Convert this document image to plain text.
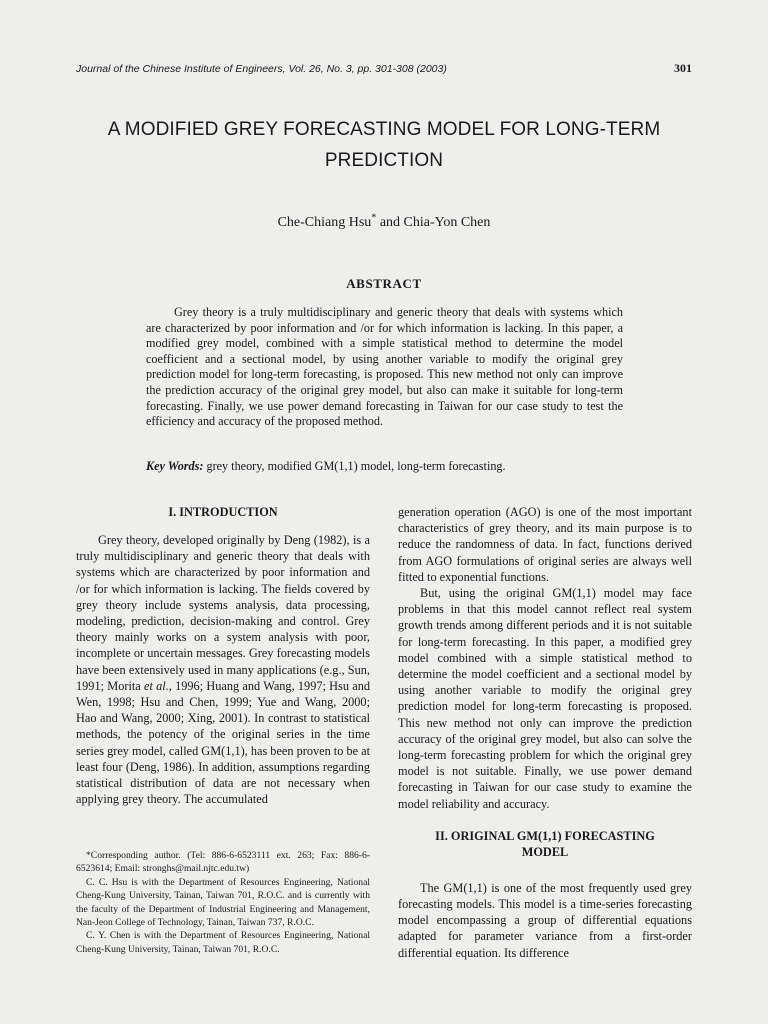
Journal of the Chinese Institute of Engineers, Vol. 26, No. 3, pp. 301-308 (2003)	301
A MODIFIED GREY FORECASTING MODEL FOR LONG-TERM
PREDICTION
Che-Chiang Hsu* and Chia-Yon Chen
ABSTRACT

Grey theory is a truly multidisciplinary and generic theory that deals with systems which are characterized by poor information and /or for which information is lacking. In this paper, a modified grey model, combined with a simple statistical method to determine the model coefficient and a sectional model, by using another variable to modify the original grey prediction model for long-term forecasting, is proposed. This new method not only can improve the prediction accuracy of the original grey model, but also can make it suitable for long-term forecasting. Finally, we use power demand forecasting in Taiwan for our case study to test the efficiency and accuracy of the proposed method.

Key Words: grey theory, modified GM(1,1) model, long-term forecasting.
I. INTRODUCTION

Grey theory, developed originally by Deng (1982), is a truly multidisciplinary and generic theory that deals with systems which are characterized by poor information and /or for which information is lacking. The fields covered by grey theory include systems analysis, data processing, modeling, prediction, decision-making and control. Grey theory mainly works on a system analysis with poor, incomplete or uncertain messages. Grey forecasting models have been extensively used in many applications (e.g., Sun, 1991; Morita et al., 1996; Huang and Wang, 1997; Hsu and Wen, 1998; Hsu and Chen, 1999; Yue and Wang, 2000; Hao and Wang, 2000; Xing, 2001). In contrast to statistical methods, the potency of the original series in the time series grey model, called GM(1,1), has been proven to be at least four (Deng, 1986). In addition, assumptions regarding statistical distribution of data are not necessary when applying grey theory. The accumulated

*Corresponding author. (Tel: 886-6-6523111 ext. 263; Fax: 886-6-6523614; Email: stronghs@mail.njtc.edu.tw)

C. C. Hsu is with the Department of Resources Engineering, National Cheng-Kung University, Tainan, Taiwan 701, R.O.C. and is currently with the faculty of the Department of Industrial Engineering and Management, Nan-Jeon College of Technology, Tainan, Taiwan 737, R.O.C.

C. Y. Chen is with the Department of Resources Engineering, National Cheng-Kung University, Tainan, Taiwan 701, R.O.C.

generation operation (AGO) is one of the most important characteristics of grey theory, and its main purpose is to reduce the randomness of data. In fact, functions derived from AGO formulations of original series are always well fitted to exponential functions.

But, using the original GM(1,1) model may face problems in that this model cannot reflect real system growth trends among different periods and it is not suitable for long-term forecasting. In this paper, a modified grey model combined with a simple statistical method to determine the model coefficient and a sectional model by using another variable to modify the original grey prediction model for long-term forecasting is proposed. This new method not only can improve the prediction accuracy of the original grey model, but also can solve the long-term forecasting problem for which the original grey model is not suitable. Finally, we use power demand forecasting in Taiwan for our case study to examine the model reliability and accuracy.

II. ORIGINAL GM(1,1) FORECASTING
MODEL

The GM(1,1) is one of the most frequently used grey forecasting models. This model is a time-series forecasting model encompassing a group of differential equations adapted for parameter variance from a first-order differential equation. Its difference
